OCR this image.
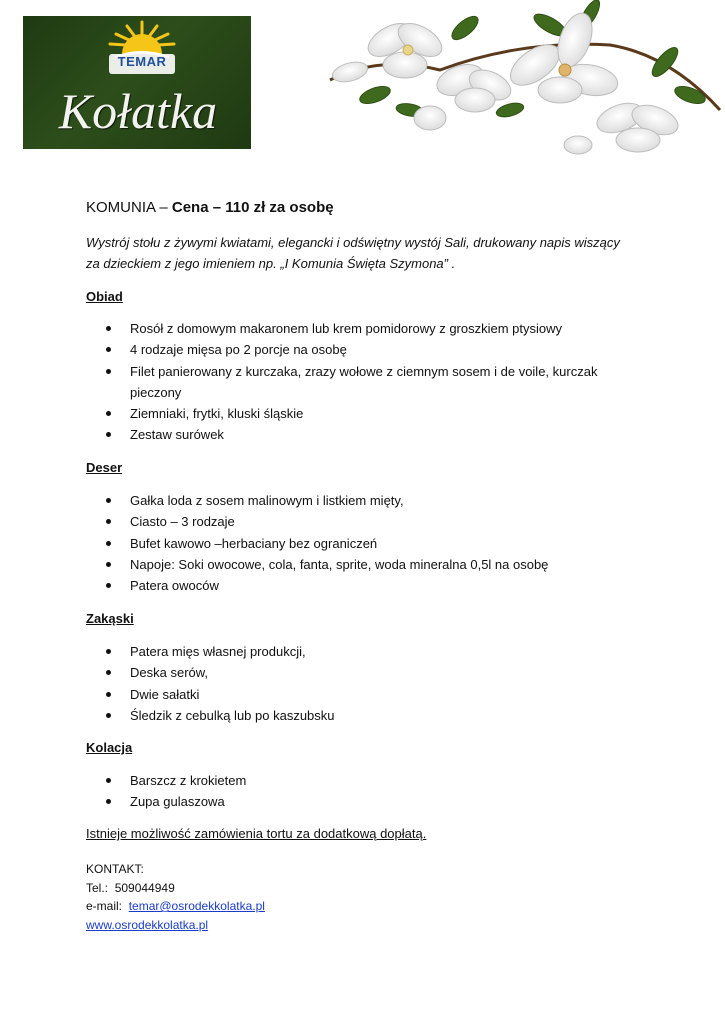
TEMAR
Kołatka
KOMUNIA – Cena – 110 zł za osobę
Wystrój stołu z żywymi kwiatami, elegancki i odświętny wystój Sali, drukowany napis wiszący za dzieckiem z jego imieniem np. „I Komunia Święta Szymona” .
Obiad
Rosół z domowym makaronem lub krem pomidorowy z groszkiem ptysiowy
4 rodzaje mięsa po 2 porcje na osobę
Filet panierowany z kurczaka, zrazy wołowe z ciemnym sosem i de voile, kurczak pieczony
Ziemniaki, frytki, kluski śląskie
Zestaw surówek
Deser
Gałka loda z sosem malinowym i listkiem mięty,
Ciasto – 3 rodzaje
Bufet kawowo –herbaciany bez ograniczeń
Napoje: Soki owocowe, cola, fanta, sprite, woda mineralna 0,5l na osobę
Patera owoców
Zakąski
Patera mięs własnej produkcji,
Deska serów,
Dwie sałatki
Śledzik z cebulką lub po kaszubsku
Kolacja
Barszcz z krokietem
Zupa gulaszowa
Istnieje możliwość zamówienia tortu za dodatkową dopłatą.
KONTAKT:
Tel.:  509044949
e-mail:  temar@osrodekkolatka.pl
www.osrodekkolatka.pl
